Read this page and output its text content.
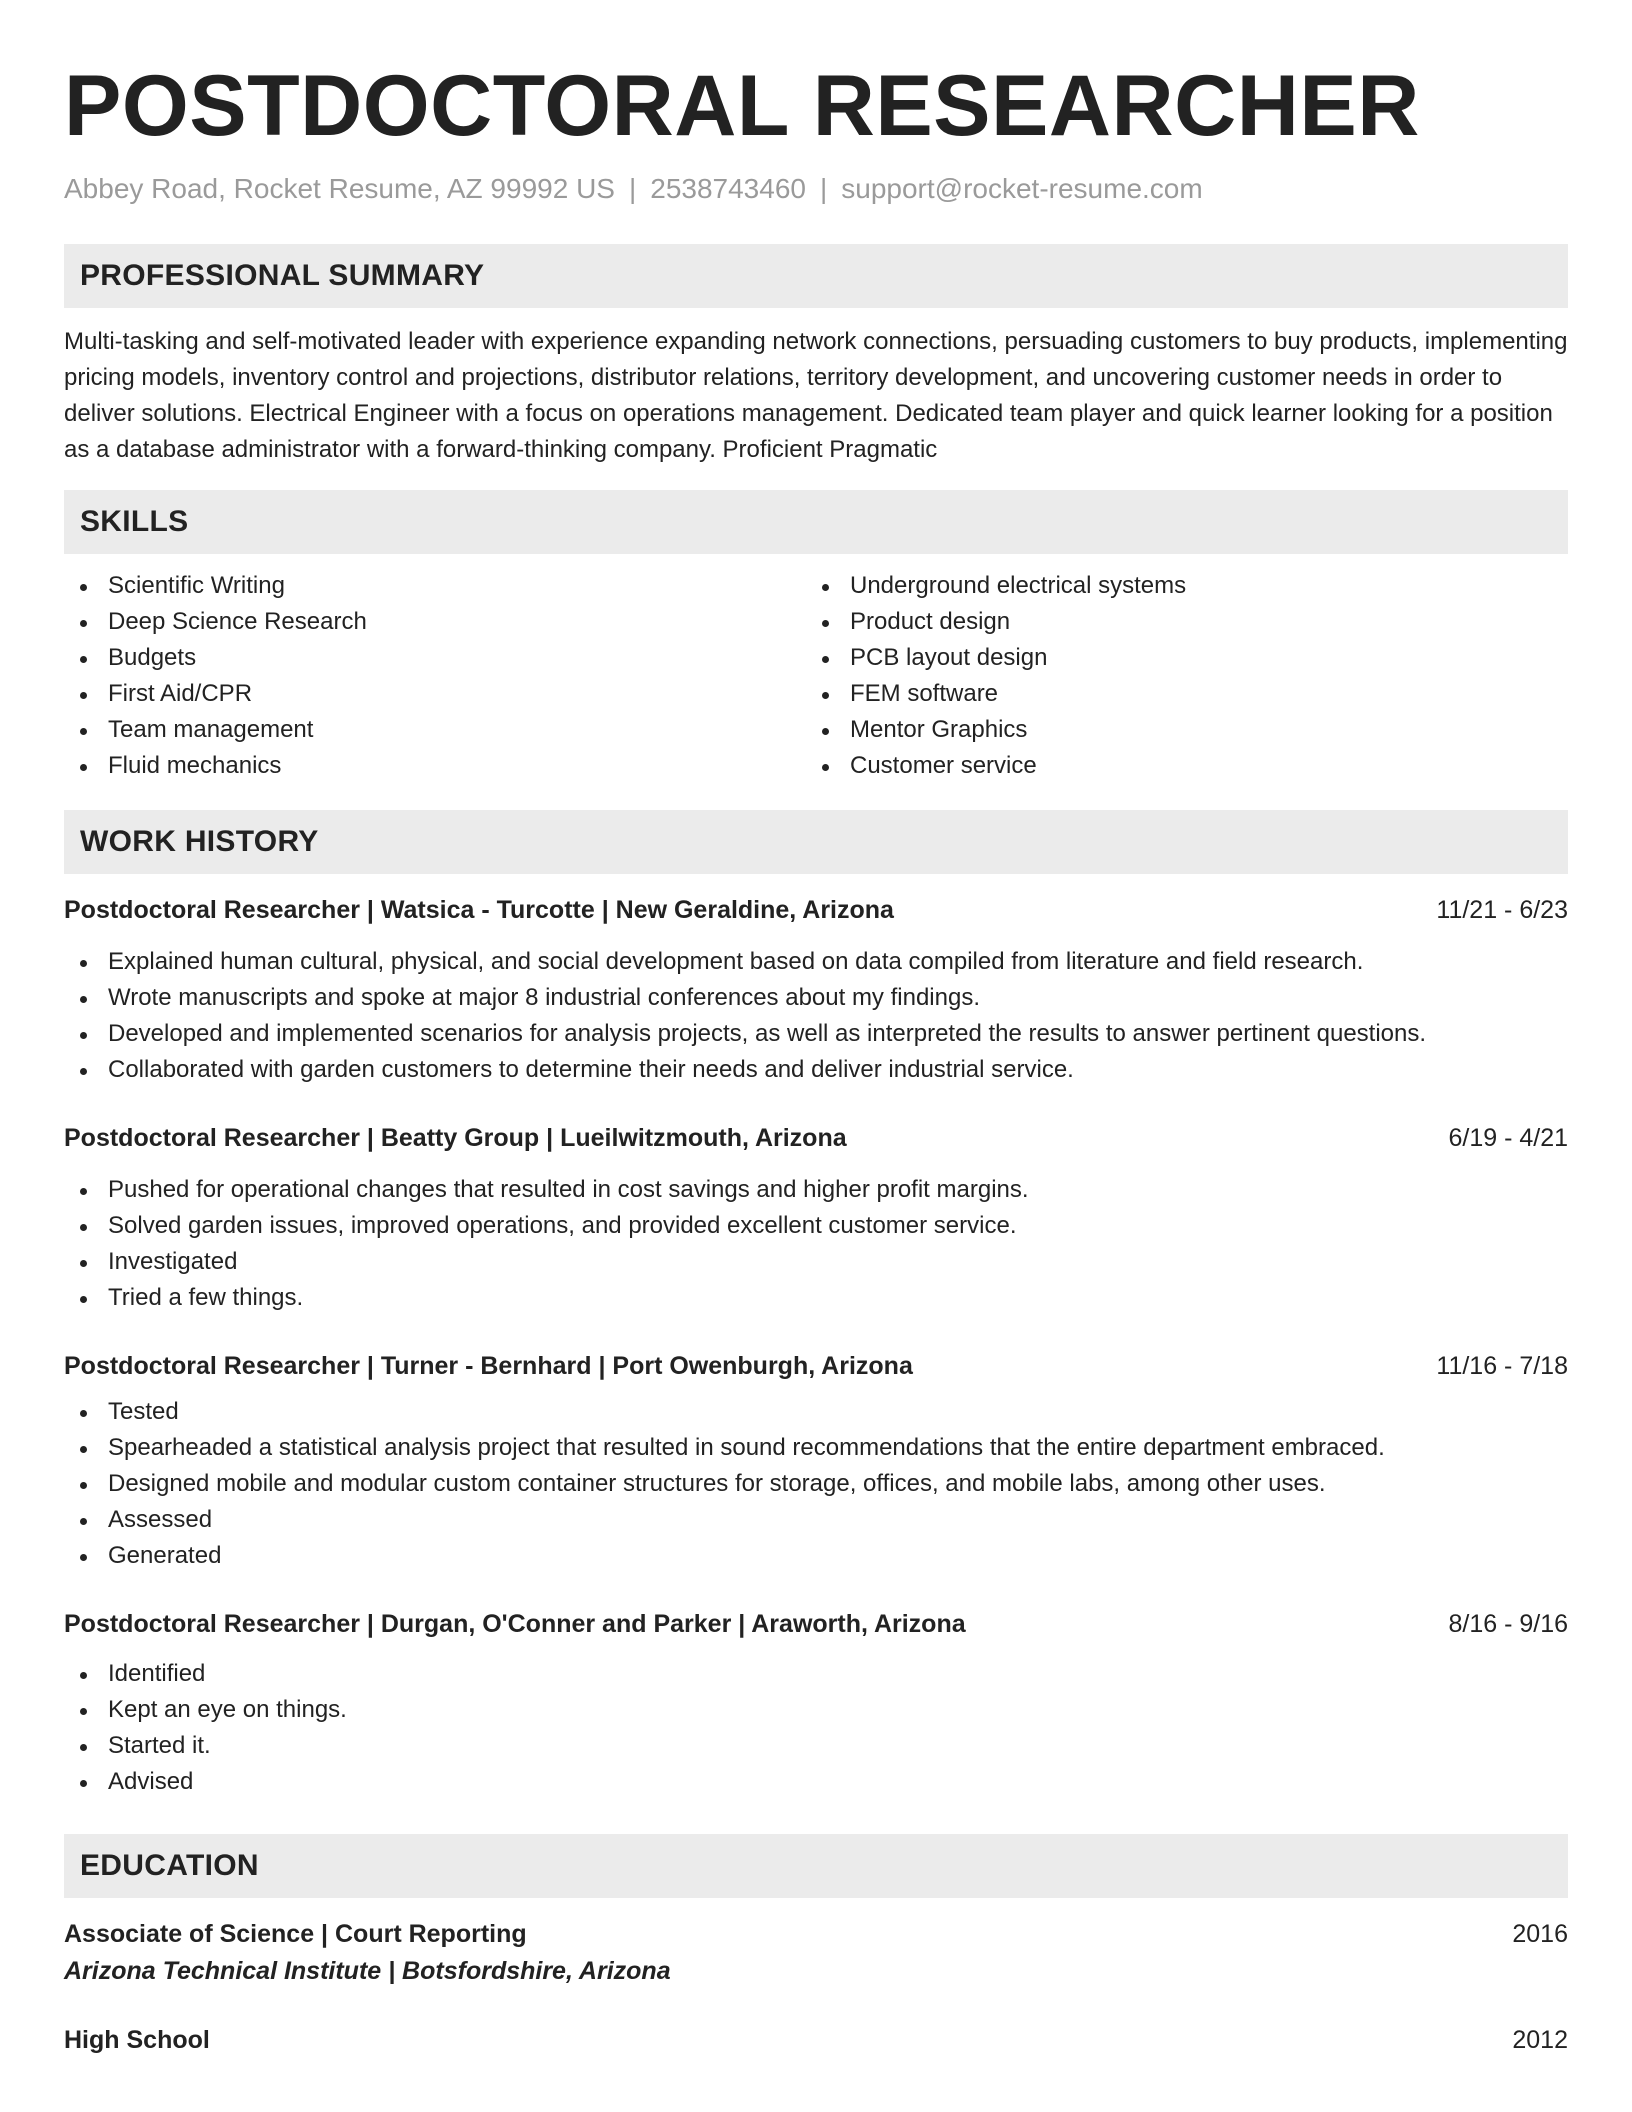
POSTDOCTORAL RESEARCHER
Abbey Road, Rocket Resume, AZ 99992 US | 2538743460 | support@rocket-resume.com
PROFESSIONAL SUMMARY

Multi-tasking and self-motivated leader with experience expanding network connections, persuading customers to buy products, implementing pricing models, inventory control and projections, distributor relations, territory development, and uncovering customer needs in order to deliver solutions. Electrical Engineer with a focus on operations management. Dedicated team player and quick learner looking for a position as a database administrator with a forward-thinking company. Proficient Pragmatic

SKILLS
Scientific Writing
Deep Science Research
Budgets
First Aid/CPR
Team management
Fluid mechanics
Underground electrical systems
Product design
PCB layout design
FEM software
Mentor Graphics
Customer service
WORK HISTORY
Postdoctoral Researcher | Watsica - Turcotte | New Geraldine, Arizona	11/21 - 6/23
Explained human cultural, physical, and social development based on data compiled from literature and field research.
Wrote manuscripts and spoke at major 8 industrial conferences about my findings.
Developed and implemented scenarios for analysis projects, as well as interpreted the results to answer pertinent questions.
Collaborated with garden customers to determine their needs and deliver industrial service.
Postdoctoral Researcher | Beatty Group | Lueilwitzmouth, Arizona	6/19 - 4/21
Pushed for operational changes that resulted in cost savings and higher profit margins.
Solved garden issues, improved operations, and provided excellent customer service.
Investigated
Tried a few things.
Postdoctoral Researcher | Turner - Bernhard | Port Owenburgh, Arizona	11/16 - 7/18
Tested
Spearheaded a statistical analysis project that resulted in sound recommendations that the entire department embraced.
Designed mobile and modular custom container structures for storage, offices, and mobile labs, among other uses.
Assessed
Generated
Postdoctoral Researcher | Durgan, O'Conner and Parker | Araworth, Arizona	8/16 - 9/16
Identified
Kept an eye on things.
Started it.
Advised
EDUCATION
Associate of Science | Court Reporting	2016
Arizona Technical Institute | Botsfordshire, Arizona
High School	2012
